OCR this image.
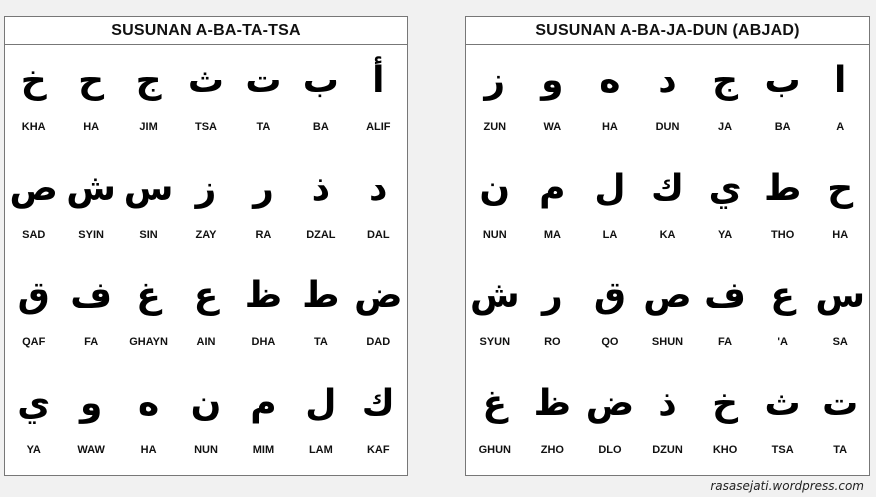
SUSUNAN A-BA-TA-TSA
أ
ALIF
ب
BA
ت
TA
ث
TSA
ج
JIM
ح
HA
خ
KHA
د
DAL
ذ
DZAL
ر
RA
ز
ZAY
س
SIN
ش
SYIN
ص
SAD
ض
DAD
ط
TA
ظ
DHA
ع
AIN
غ
GHAYN
ف
FA
ق
QAF
ك
KAF
ل
LAM
م
MIM
ن
NUN
ه
HA
و
WAW
ي
YA
SUSUNAN A-BA-JA-DUN (ABJAD)
ا
A
ب
BA
ج
JA
د
DUN
ه
HA
و
WA
ز
ZUN
ح
HA
ط
THO
ي
YA
ك
KA
ل
LA
م
MA
ن
NUN
س
SA
ع
'A
ف
FA
ص
SHUN
ق
QO
ر
RO
ش
SYUN
ت
TA
ث
TSA
خ
KHO
ذ
DZUN
ض
DLO
ظ
ZHO
غ
GHUN
rasasejati.wordpress.com
